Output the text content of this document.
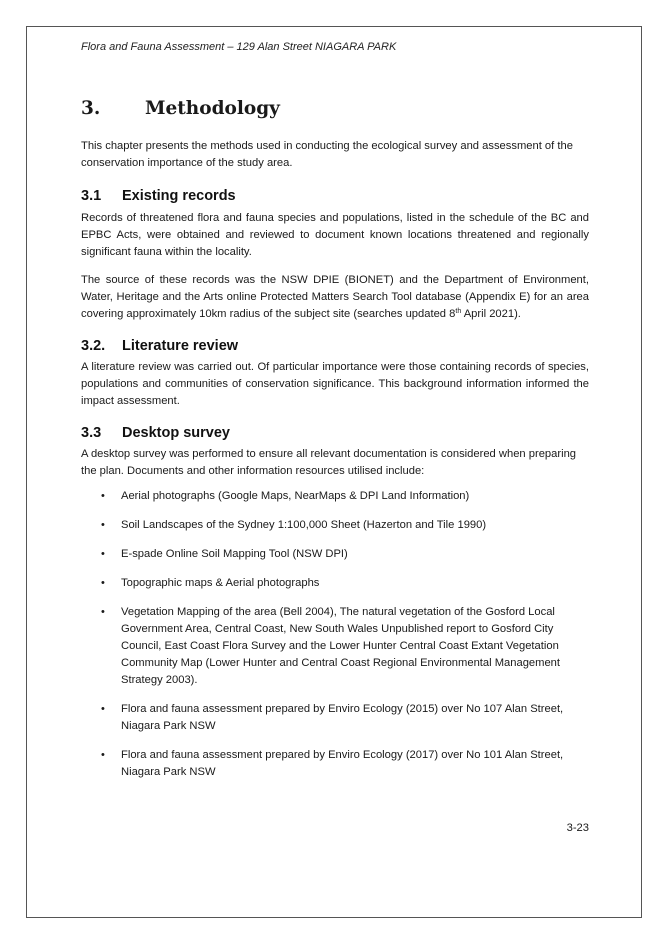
Flora and Fauna Assessment – 129 Alan Street NIAGARA PARK

3. Methodology

This chapter presents the methods used in conducting the ecological survey and assessment of the conservation importance of the study area.

3.1 Existing records

Records of threatened flora and fauna species and populations, listed in the schedule of the BC and EPBC Acts, were obtained and reviewed to document known locations threatened and regionally significant fauna within the locality.

The source of these records was the NSW DPIE (BIONET) and the Department of Environment, Water, Heritage and the Arts online Protected Matters Search Tool database (Appendix E) for an area covering approximately 10km radius of the subject site (searches updated 8th April 2021).

3.2. Literature review

A literature review was carried out. Of particular importance were those containing records of species, populations and communities of conservation significance. This background information informed the impact assessment.

3.3 Desktop survey

A desktop survey was performed to ensure all relevant documentation is considered when preparing the plan. Documents and other information resources utilised include:

• Aerial photographs (Google Maps, NearMaps & DPI Land Information)
• Soil Landscapes of the Sydney 1:100,000 Sheet (Hazerton and Tile 1990)
• E-spade Online Soil Mapping Tool (NSW DPI)
• Topographic maps & Aerial photographs
• Vegetation Mapping of the area (Bell 2004), The natural vegetation of the Gosford Local Government Area, Central Coast, New South Wales Unpublished report to Gosford City Council, East Coast Flora Survey and the Lower Hunter Central Coast Extant Vegetation Community Map (Lower Hunter and Central Coast Regional Environmental Management Strategy 2003).
• Flora and fauna assessment prepared by Enviro Ecology (2015) over No 107 Alan Street, Niagara Park NSW
• Flora and fauna assessment prepared by Enviro Ecology (2017) over No 101 Alan Street, Niagara Park NSW

3-23
